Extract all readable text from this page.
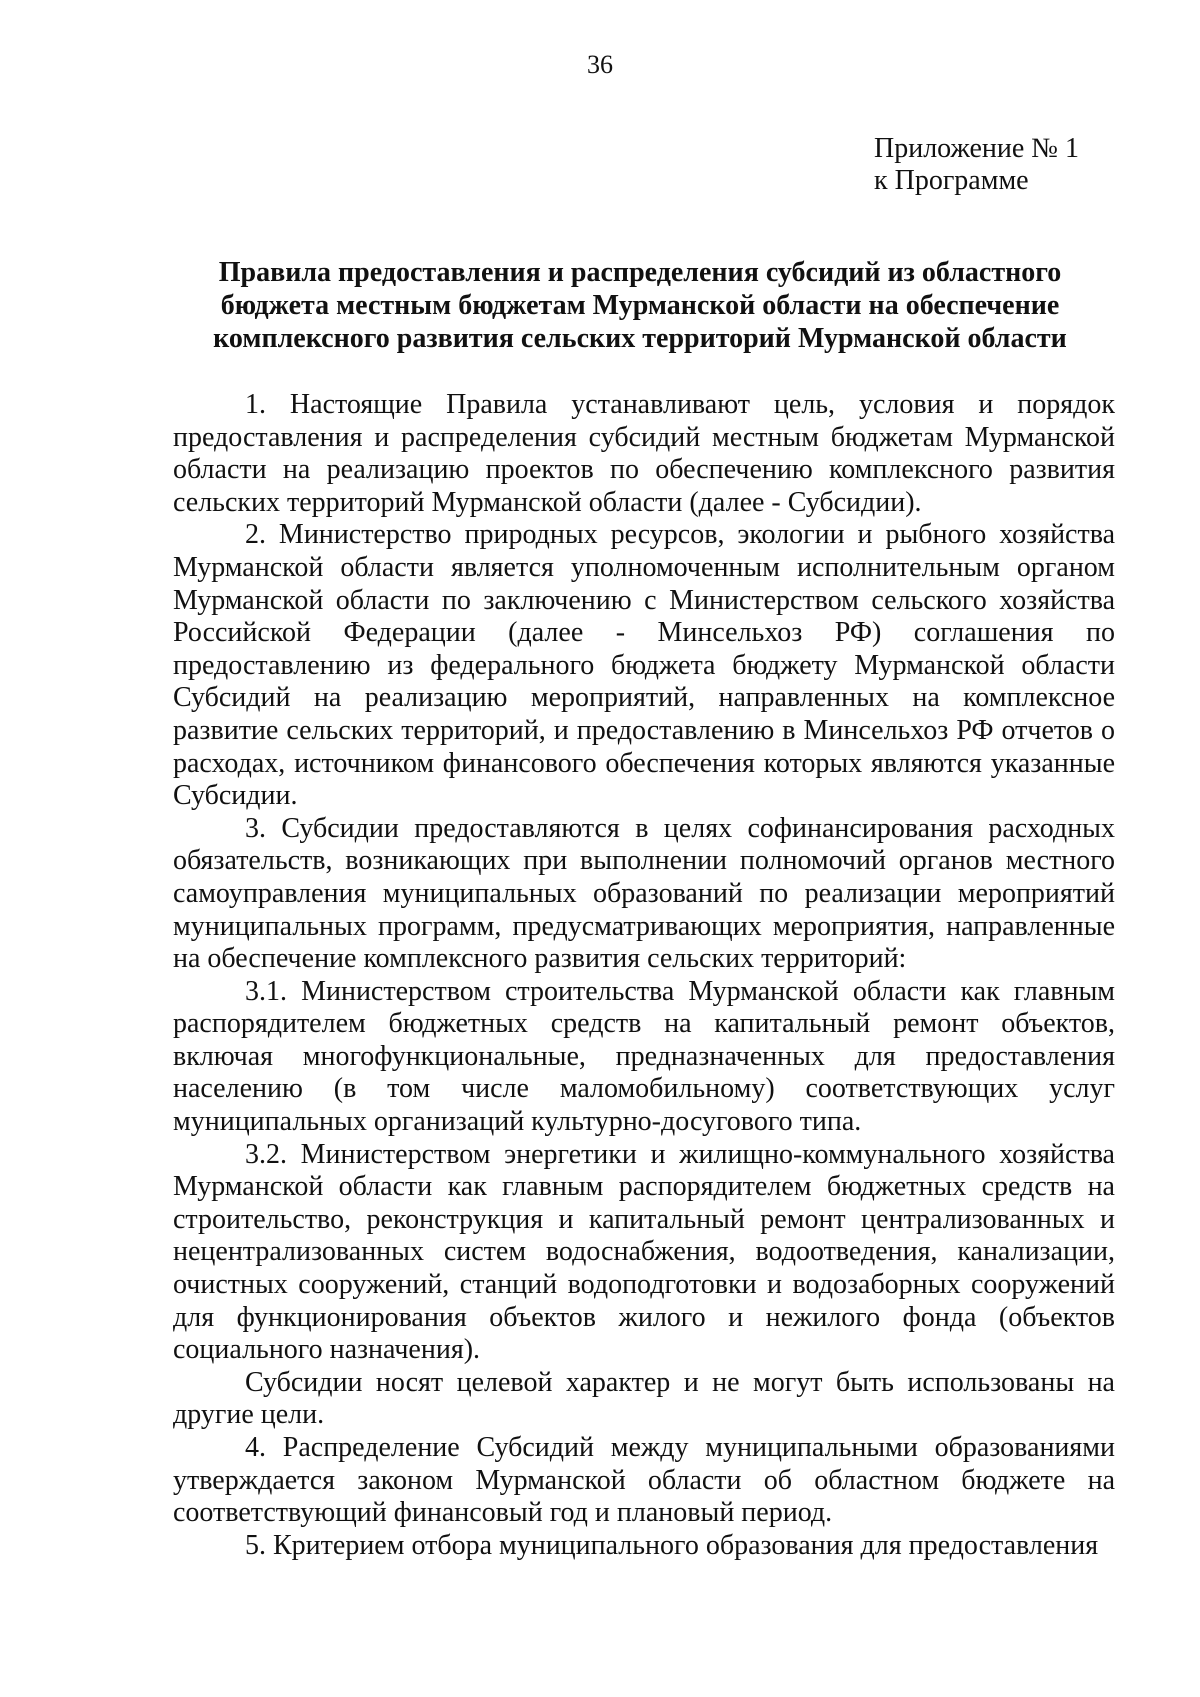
36
Приложение № 1
к Программе
Правила предоставления и распределения субсидий из областного
бюджета местным бюджетам Мурманской области на обеспечение
комплексного развития сельских территорий Мурманской области

1. Настоящие Правила устанавливают цель, условия и порядок предоставления и распределения субсидий местным бюджетам Мурманской области на реализацию проектов по обеспечению комплексного развития сельских территорий Мурманской области (далее - Субсидии).

2. Министерство природных ресурсов, экологии и рыбного хозяйства Мурманской области является уполномоченным исполнительным органом Мурманской области по заключению с Министерством сельского хозяйства Российской Федерации (далее - Минсельхоз РФ) соглашения по предоставлению из федерального бюджета бюджету Мурманской области Субсидий на реализацию мероприятий, направленных на комплексное развитие сельских территорий, и предоставлению в Минсельхоз РФ отчетов о расходах, источником финансового обеспечения которых являются указанные Субсидии.

3. Субсидии предоставляются в целях софинансирования расходных обязательств, возникающих при выполнении полномочий органов местного самоуправления муниципальных образований по реализации мероприятий муниципальных программ, предусматривающих мероприятия, направленные на обеспечение комплексного развития сельских территорий:

3.1. Министерством строительства Мурманской области как главным распорядителем бюджетных средств на капитальный ремонт объектов, включая многофункциональные, предназначенных для предоставления населению (в том числе маломобильному) соответствующих услуг муниципальных организаций культурно-досугового типа.

3.2. Министерством энергетики и жилищно-коммунального хозяйства Мурманской области как главным распорядителем бюджетных средств на строительство, реконструкция и капитальный ремонт централизованных и нецентрализованных систем водоснабжения, водоотведения, канализации, очистных сооружений, станций водоподготовки и водозаборных сооружений для функционирования объектов жилого и нежилого фонда (объектов социального назначения).

Субсидии носят целевой характер и не могут быть использованы на другие цели.

4. Распределение Субсидий между муниципальными образованиями утверждается законом Мурманской области об областном бюджете на соответствующий финансовый год и плановый период.

5. Критерием отбора муниципального образования для предоставления
